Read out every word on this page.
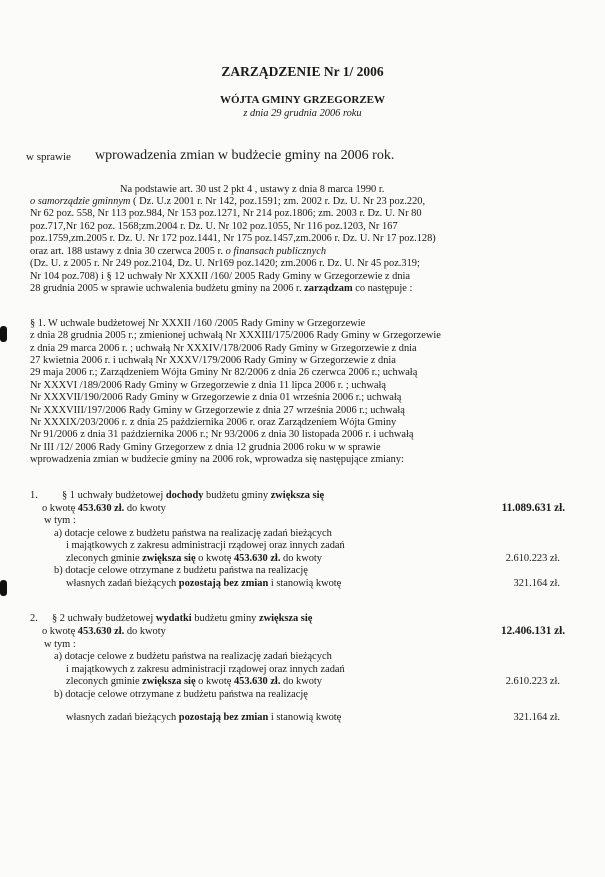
ZARZĄDZENIE Nr 1/ 2006
WÓJTA GMINY GRZEGORZEW
z dnia 29 grudnia 2006 roku
w sprawie wprowadzenia zmian w budżecie gminy na 2006 rok.
Na podstawie art. 30 ust 2 pkt 4 , ustawy z dnia 8 marca 1990 r.
o samorządzie gminnym ( Dz. U.z 2001 r. Nr 142, poz.1591; zm. 2002 r. Dz. U. Nr 23 poz.220,
Nr 62 poz. 558, Nr 113 poz.984, Nr 153 poz.1271, Nr 214 poz.1806; zm. 2003 r. Dz. U. Nr 80
poz.717,Nr 162 poz. 1568;zm.2004 r. Dz. U. Nr 102 poz.1055, Nr 116 poz.1203, Nr 167
poz.1759,zm.2005 r. Dz. U. Nr 172 poz.1441, Nr 175 poz.1457,zm.2006 r. Dz. U. Nr 17 poz.128)
oraz art. 188 ustawy z dnia 30 czerwca 2005 r. o finansach publicznych
(Dz. U. z 2005 r. Nr 249 poz.2104, Dz. U. Nr169 poz.1420; zm.2006 r. Dz. U. Nr 45 poz.319;
Nr 104 poz.708) i § 12 uchwały Nr XXXII /160/ 2005 Rady Gminy w Grzegorzewie z dnia
28 grudnia 2005 w sprawie uchwalenia budżetu gminy na 2006 r. zarządzam co następuje :
§ 1. W uchwale budżetowej Nr XXXII /160 /2005 Rady Gminy w Grzegorzewie
z dnia 28 grudnia 2005 r.; zmienionej uchwałą Nr XXXIII/175/2006 Rady Gminy w Grzegorzewie
z dnia 29 marca 2006 r. ; uchwałą Nr XXXIV/178/2006 Rady Gminy w Grzegorzewie z dnia
27 kwietnia 2006 r. i uchwałą Nr XXXV/179/2006 Rady Gminy w Grzegorzewie z dnia
29 maja 2006 r.; Zarządzeniem Wójta Gminy Nr 82/2006 z dnia 26 czerwca 2006 r.; uchwałą
Nr XXXVI /189/2006 Rady Gminy w Grzegorzewie z dnia 11 lipca 2006 r. ; uchwałą
Nr XXXVII/190/2006 Rady Gminy w Grzegorzewie z dnia 01 września 2006 r.; uchwałą
Nr XXXVIII/197/2006 Rady Gminy w Grzegorzewie z dnia 27 września 2006 r.; uchwałą
Nr XXXIX/203/2006 r. z dnia 25 października 2006 r. oraz Zarządzeniem Wójta Gminy
Nr 91/2006 z dnia 31 października 2006 r.; Nr 93/2006 z dnia 30 listopada 2006 r. i uchwałą
Nr III /12/ 2006 Rady Gminy Grzegorzew z dnia 12 grudnia 2006 roku w w sprawie
wprowadzenia zmian w budżecie gminy na 2006 rok, wprowadza się następujące zmiany:
1. § 1 uchwały budżetowej dochody budżetu gminy zwiększa się
o kwotę 453.630 zł. do kwoty	11.089.631 zł.
w tym :
a) dotacje celowe z budżetu państwa na realizację zadań bieżących
i majątkowych z zakresu administracji rządowej oraz innych zadań
zleconych gminie zwiększa się o kwotę 453.630 zł. do kwoty	2.610.223 zł.
b) dotacje celowe otrzymane z budżetu państwa na realizację
własnych zadań bieżących pozostają bez zmian i stanowią kwotę	321.164 zł.
2. § 2 uchwały budżetowej wydatki budżetu gminy zwiększa się
o kwotę 453.630 zł. do kwoty	12.406.131 zł.
w tym :
a) dotacje celowe z budżetu państwa na realizację zadań bieżących
i majątkowych z zakresu administracji rządowej oraz innych zadań
zleconych gminie zwiększa się o kwotę 453.630 zł. do kwoty	2.610.223 zł.
b) dotacje celowe otrzymane z budżetu państwa na realizację
własnych zadań bieżących pozostają bez zmian i stanowią kwotę	321.164 zł.
